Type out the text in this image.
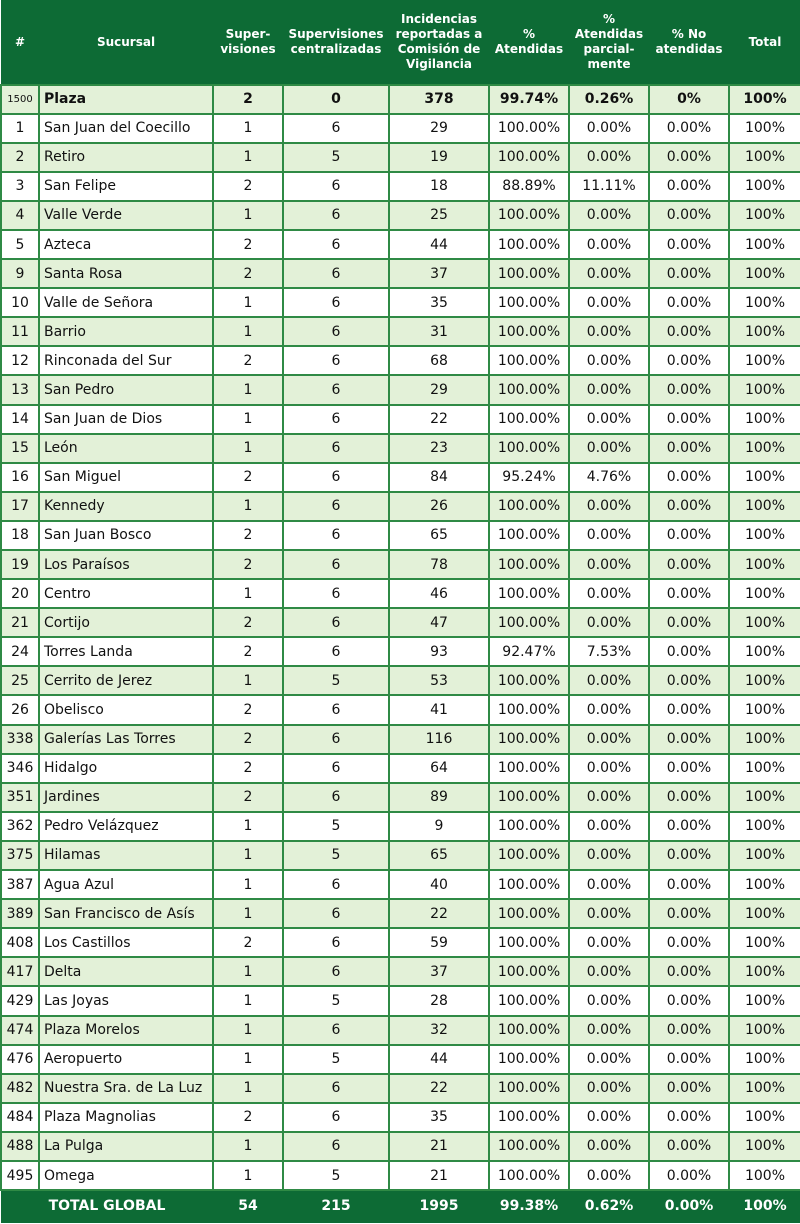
#	Sucursal	Super-visiones	Supervisiones centralizadas	Incidencias reportadas a Comisión de Vigilancia	% Atendidas	% Atendidas parcial-mente	% No atendidas	Total
1500	Plaza	2	0	378	99.74%	0.26%	0%	100%
1	San Juan del Coecillo	1	6	29	100.00%	0.00%	0.00%	100%
2	Retiro	1	5	19	100.00%	0.00%	0.00%	100%
3	San Felipe	2	6	18	88.89%	11.11%	0.00%	100%
4	Valle Verde	1	6	25	100.00%	0.00%	0.00%	100%
5	Azteca	2	6	44	100.00%	0.00%	0.00%	100%
9	Santa Rosa	2	6	37	100.00%	0.00%	0.00%	100%
10	Valle de Señora	1	6	35	100.00%	0.00%	0.00%	100%
11	Barrio	1	6	31	100.00%	0.00%	0.00%	100%
12	Rinconada del Sur	2	6	68	100.00%	0.00%	0.00%	100%
13	San Pedro	1	6	29	100.00%	0.00%	0.00%	100%
14	San Juan de Dios	1	6	22	100.00%	0.00%	0.00%	100%
15	León	1	6	23	100.00%	0.00%	0.00%	100%
16	San Miguel	2	6	84	95.24%	4.76%	0.00%	100%
17	Kennedy	1	6	26	100.00%	0.00%	0.00%	100%
18	San Juan Bosco	2	6	65	100.00%	0.00%	0.00%	100%
19	Los Paraísos	2	6	78	100.00%	0.00%	0.00%	100%
20	Centro	1	6	46	100.00%	0.00%	0.00%	100%
21	Cortijo	2	6	47	100.00%	0.00%	0.00%	100%
24	Torres Landa	2	6	93	92.47%	7.53%	0.00%	100%
25	Cerrito de Jerez	1	5	53	100.00%	0.00%	0.00%	100%
26	Obelisco	2	6	41	100.00%	0.00%	0.00%	100%
338	Galerías Las Torres	2	6	116	100.00%	0.00%	0.00%	100%
346	Hidalgo	2	6	64	100.00%	0.00%	0.00%	100%
351	Jardines	2	6	89	100.00%	0.00%	0.00%	100%
362	Pedro Velázquez	1	5	9	100.00%	0.00%	0.00%	100%
375	Hilamas	1	5	65	100.00%	0.00%	0.00%	100%
387	Agua Azul	1	6	40	100.00%	0.00%	0.00%	100%
389	San Francisco de Asís	1	6	22	100.00%	0.00%	0.00%	100%
408	Los Castillos	2	6	59	100.00%	0.00%	0.00%	100%
417	Delta	1	6	37	100.00%	0.00%	0.00%	100%
429	Las Joyas	1	5	28	100.00%	0.00%	0.00%	100%
474	Plaza Morelos	1	6	32	100.00%	0.00%	0.00%	100%
476	Aeropuerto	1	5	44	100.00%	0.00%	0.00%	100%
482	Nuestra Sra. de La Luz	1	6	22	100.00%	0.00%	0.00%	100%
484	Plaza Magnolias	2	6	35	100.00%	0.00%	0.00%	100%
488	La Pulga	1	6	21	100.00%	0.00%	0.00%	100%
495	Omega	1	5	21	100.00%	0.00%	0.00%	100%
TOTAL GLOBAL		54	215	1995	99.38%	0.62%	0.00%	100%
